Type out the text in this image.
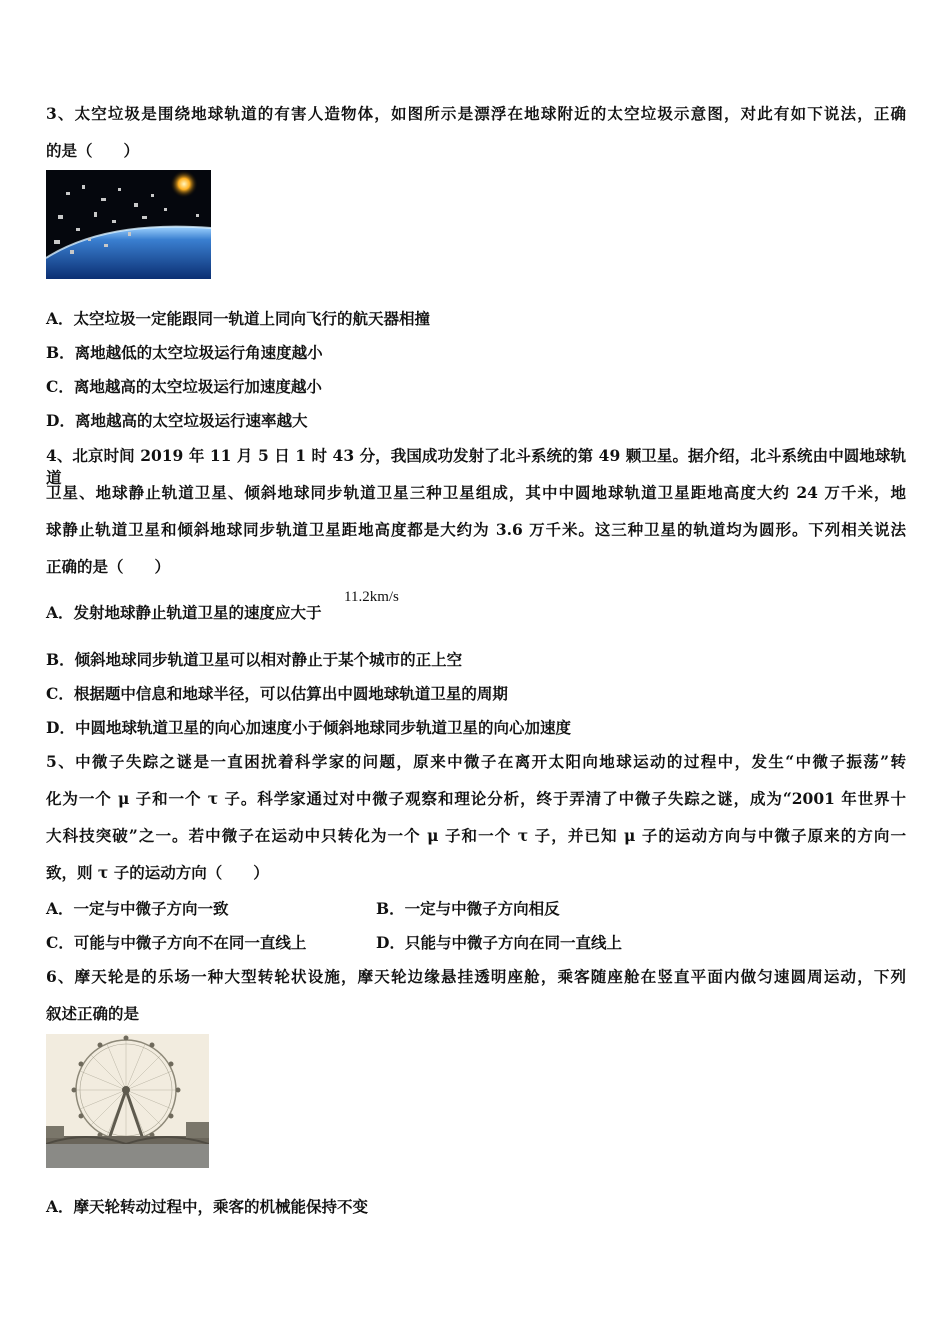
3、太空垃圾是围绕地球轨道的有害人造物体，如图所示是漂浮在地球附近的太空垃圾示意图，对此有如下说法，正确
的是（　　）
A．太空垃圾一定能跟同一轨道上同向飞行的航天器相撞
B．离地越低的太空垃圾运行角速度越小
C．离地越高的太空垃圾运行加速度越小
D．离地越高的太空垃圾运行速率越大
4、北京时间 2019 年 11 月 5 日 1 时 43 分，我国成功发射了北斗系统的第 49 颗卫星。据介绍，北斗系统由中圆地球轨道
卫星、地球静止轨道卫星、倾斜地球同步轨道卫星三种卫星组成，其中中圆地球轨道卫星距地高度大约 24 万千米，地
球静止轨道卫星和倾斜地球同步轨道卫星距地高度都是大约为 3.6 万千米。这三种卫星的轨道均为圆形。下列相关说法
正确的是（　　）
A．发射地球静止轨道卫星的速度应大于
11.2km/s
B．倾斜地球同步轨道卫星可以相对静止于某个城市的正上空
C．根据题中信息和地球半径，可以估算出中圆地球轨道卫星的周期
D．中圆地球轨道卫星的向心加速度小于倾斜地球同步轨道卫星的向心加速度
5、中微子失踪之谜是一直困扰着科学家的问题，原来中微子在离开太阳向地球运动的过程中，发生“中微子振荡”转
化为一个 μ 子和一个 τ 子。科学家通过对中微子观察和理论分析，终于弄清了中微子失踪之谜，成为“2001 年世界十
大科技突破”之一。若中微子在运动中只转化为一个 μ 子和一个 τ 子，并已知 μ 子的运动方向与中微子原来的方向一
致，则 τ 子的运动方向（　　）
A．一定与中微子方向一致	B．一定与中微子方向相反
C．可能与中微子方向不在同一直线上	D．只能与中微子方向在同一直线上
6、摩天轮是的乐场一种大型转轮状设施，摩天轮边缘悬挂透明座舱，乘客随座舱在竖直平面内做匀速圆周运动，下列
叙述正确的是
A．摩天轮转动过程中，乘客的机械能保持不变
